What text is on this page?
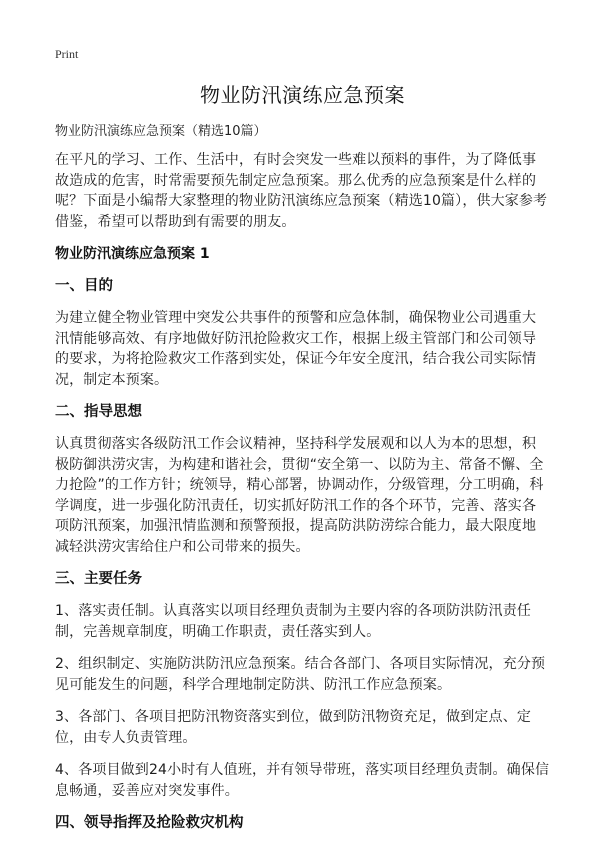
Print
物业防汛演练应急预案
物业防汛演练应急预案（精选10篇）

在平凡的学习、工作、生活中，有时会突发一些难以预料的事件，为了降低事故造成的危害，时常需要预先制定应急预案。那么优秀的应急预案是什么样的呢？下面是小编帮大家整理的物业防汛演练应急预案（精选10篇），供大家参考借鉴，希望可以帮助到有需要的朋友。

物业防汛演练应急预案 1
一、目的

为建立健全物业管理中突发公共事件的预警和应急体制，确保物业公司遇重大汛情能够高效、有序地做好防汛抢险救灾工作，根据上级主管部门和公司领导的要求，为将抢险救灾工作落到实处，保证今年安全度汛，结合我公司实际情况，制定本预案。

二、指导思想

认真贯彻落实各级防汛工作会议精神，坚持科学发展观和以人为本的思想，积极防御洪涝灾害，为构建和谐社会，贯彻“安全第一、以防为主、常备不懈、全力抢险”的工作方针；统领导，精心部署，协调动作，分级管理，分工明确，科学调度，进一步强化防汛责任，切实抓好防汛工作的各个环节，完善、落实各项防汛预案，加强汛情监测和预警预报，提高防洪防涝综合能力，最大限度地减轻洪涝灾害给住户和公司带来的损失。

三、主要任务

1、落实责任制。认真落实以项目经理负责制为主要内容的各项防洪防汛责任制，完善规章制度，明确工作职责，责任落实到人。

2、组织制定、实施防洪防汛应急预案。结合各部门、各项目实际情况，充分预见可能发生的问题，科学合理地制定防洪、防汛工作应急预案。

3、各部门、各项目把防汛物资落实到位，做到防汛物资充足，做到定点、定位，由专人负责管理。

4、各项目做到24小时有人值班，并有领导带班，落实项目经理负责制。确保信息畅通，妥善应对突发事件。

四、领导指挥及抢险救灾机构
